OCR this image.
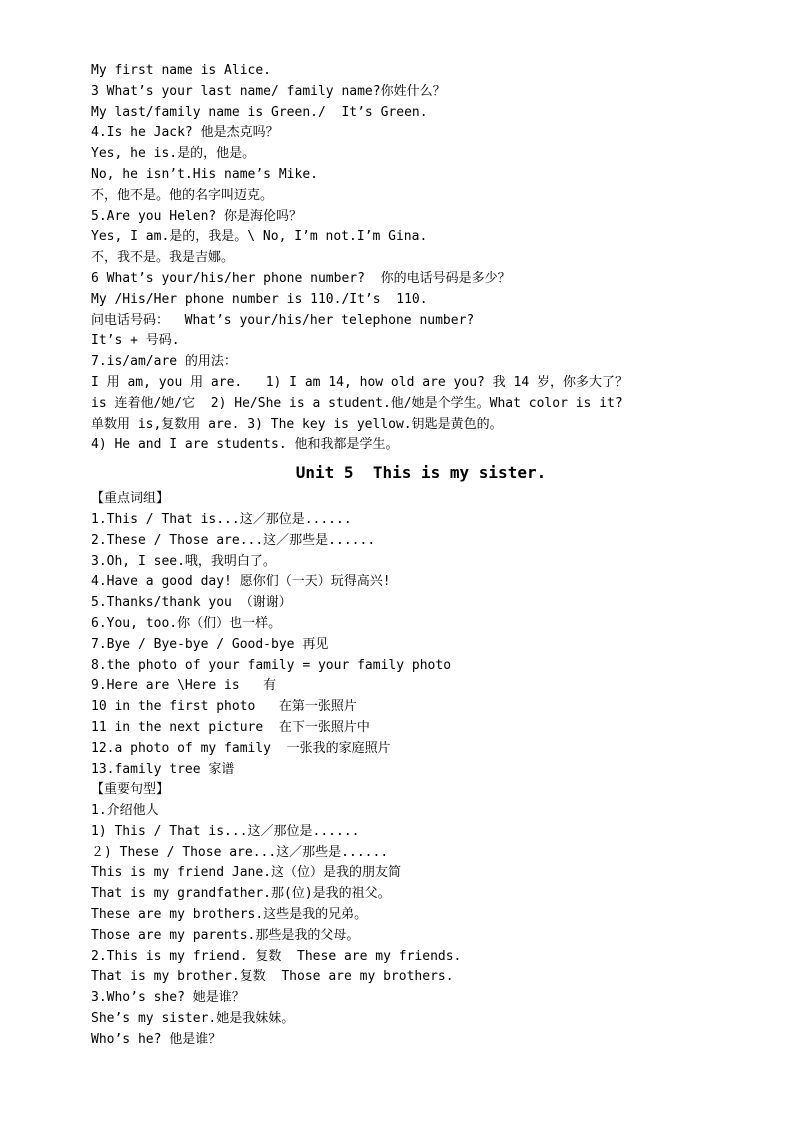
My first name is Alice.
3 What’s your last name/ family name?你姓什么？
My last/family name is Green./  It’s Green.
4.Is he Jack? 他是杰克吗？
Yes, he is.是的，他是。
No, he isn’t.His name’s Mike.
不，他不是。他的名字叫迈克。
5.Are you Helen? 你是海伦吗？
Yes, I am.是的，我是。\ No, I’m not.I’m Gina.
不，我不是。我是吉娜。
6 What’s your/his/her phone number?  你的电话号码是多少？
My /His/Her phone number is 110./It’s  110.
问电话号码：  What’s your/his/her telephone number?
It’s + 号码.
7.is/am/are 的用法：
I 用 am, you 用 are.   1) I am 14, how old are you? 我 14 岁，你多大了？
is 连着他/她/它  2) He/She is a student.他/她是个学生。What color is it?
单数用 is,复数用 are. 3) The key is yellow.钥匙是黄色的。
4) He and I are students. 他和我都是学生。
Unit 5  This is my sister.
【重点词组】
1.This / That is...这／那位是......
2.These / Those are...这／那些是......
3.Oh, I see.哦，我明白了。
4.Have a good day! 愿你们（一天）玩得高兴!
5.Thanks/thank you （谢谢）
6.You, too.你（们）也一样。
7.Bye / Bye-bye / Good-bye 再见
8.the photo of your family = your family photo
9.Here are \Here is   有
10 in the first photo   在第一张照片
11 in the next picture  在下一张照片中
12.a photo of my family  一张我的家庭照片
13.family tree 家谱
【重要句型】
1.介绍他人
1) This / That is...这／那位是......
２) These / Those are...这／那些是......
This is my friend Jane.这（位）是我的朋友简
That is my grandfather.那(位)是我的祖父。
These are my brothers.这些是我的兄弟。
Those are my parents.那些是我的父母。
2.This is my friend. 复数  These are my friends.
That is my brother.复数  Those are my brothers.
3.Who’s she? 她是谁？
She’s my sister.她是我妹妹。
Who’s he? 他是谁？
